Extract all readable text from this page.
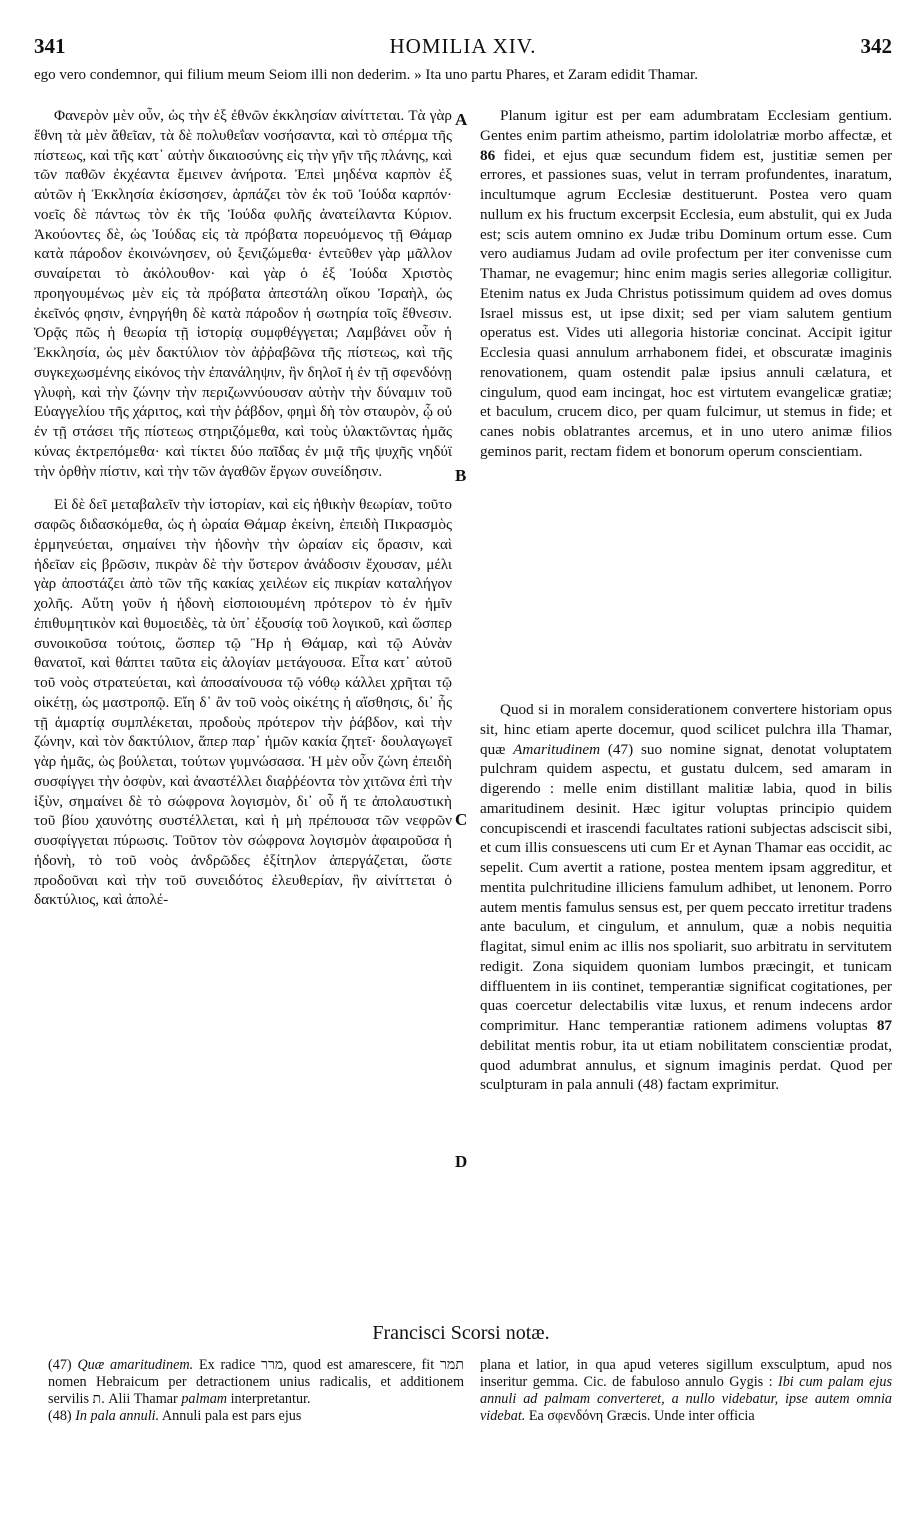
341	HOMILIA XIV.	342
ego vero condemnor, qui filium meum Seiom illi non dederim. » Ita uno partu Phares, et Zaram edidit Thamar.

Φανερὸν μὲν οὖν, ὡς τὴν ἐξ ἐθνῶν ἐκκλησίαν αἰνίττεται. Τὰ γὰρ ἔθνη τὰ μὲν ἄθεῖαν, τὰ δὲ πολυθεΐαν νοσήσαντα, καὶ τὸ σπέρμα τῆς πίστεως, καὶ τῆς κατ᾽ αὐτὴν δικαιοσύνης εἰς τὴν γῆν τῆς πλάνης, καὶ τῶν παθῶν ἐκχέαντα ἔμεινεν ἀνήροτα. Ἐπεὶ μηδένα καρπὸν ἐξ αὐτῶν ἡ Ἐκκλησία ἐκίσσησεν, ἁρπάζει τὸν ἐκ τοῦ Ἰούδα καρπόν· νοεῖς δὲ πάντως τὸν ἐκ τῆς Ἰούδα φυλῆς ἀνατείλαντα Κύριον. Ἀκούοντες δὲ, ὡς Ἰούδας εἰς τὰ πρόβατα πορευόμενος τῇ Θάμαρ κατὰ πάροδον ἐκοινώνησεν, οὐ ξενιζώμεθα· ἐντεῦθεν γὰρ μᾶλλον συναίρεται τὸ ἀκόλουθον· καὶ γὰρ ὁ ἐξ Ἰούδα Χριστὸς προηγουμένως μὲν εἰς τὰ πρόβατα ἀπεστάλη οἴκου Ἰσραὴλ, ὡς ἐκεῖνός φησιν, ἐνηργήθη δὲ κατὰ πάροδον ἡ σωτηρία τοῖς ἔθνεσιν. Ὁρᾷς πῶς ἡ θεωρία τῇ ἱστορίᾳ συμφθέγγεται; Λαμβάνει οὖν ἡ Ἐκκλησία, ὡς μὲν δακτύλιον τὸν ἀῤῥαβῶνα τῆς πίστεως, καὶ τῆς συγκεχωσμένης εἰκόνος τὴν ἐπανάληψιν, ἣν δηλοῖ ἡ ἐν τῇ σφενδόνῃ γλυφὴ, καὶ τὴν ζώνην τὴν περιζωννύουσαν αὐτὴν τὴν δύναμιν τοῦ Εὐαγγελίου τῆς χάριτος, καὶ τὴν ῥάβδον, φημὶ δὴ τὸν σταυρὸν, ᾧ οὐ ἐν τῇ στάσει τῆς πίστεως στηριζόμεθα, καὶ τοὺς ὑλακτῶντας ἡμᾶς κύνας ἐκτρεπόμεθα· καὶ τίκτει δύο παῖδας ἐν μιᾷ τῆς ψυχῆς νηδύϊ τὴν ὀρθὴν πίστιν, καὶ τὴν τῶν ἀγαθῶν ἔργων συνείδησιν.

Εἰ δὲ δεῖ μεταβαλεῖν τὴν ἱστορίαν, καὶ εἰς ἠθικὴν θεωρίαν, τοῦτο σαφῶς διδασκόμεθα, ὡς ἡ ὡραία Θάμαρ ἐκείνη, ἐπειδὴ Πικρασμὸς ἑρμηνεύεται, σημαίνει τὴν ἡδονὴν τὴν ὡραίαν εἰς ὅρασιν, καὶ ἡδεῖαν εἰς βρῶσιν, πικρὰν δὲ τὴν ὕστερον ἀνάδοσιν ἔχουσαν, μέλι γὰρ ἀποστάζει ἀπὸ τῶν τῆς κακίας χειλέων εἰς πικρίαν καταλήγον χολῆς. Αὕτη γοῦν ἡ ἡδονὴ εἰσποιουμένη πρότερον τὸ ἐν ἡμῖν ἐπιθυμητικὸν καὶ θυμοειδὲς, τὰ ὑπ᾽ ἐξουσίᾳ τοῦ λογικοῦ, καὶ ὥσπερ συνοικοῦσα τούτοις, ὥσπερ τῷ Ἢρ ἡ Θάμαρ, καὶ τῷ Αὐνὰν θανατοῖ, καὶ θάπτει ταῦτα εἰς ἀλογίαν μετάγουσα. Εἶτα κατ᾽ αὐτοῦ τοῦ νοὸς στρατεύεται, καὶ ἀποσαίνουσα τῷ νόθῳ κάλλει χρῆται τῷ οἰκέτῃ, ὡς μαστροπῷ. Εἴη δ᾽ ἂν τοῦ νοὸς οἰκέτης ἡ αἴσθησις, δι᾽ ἧς τῇ ἁμαρτίᾳ συμπλέκεται, προδοὺς πρότερον τὴν ῥάβδον, καὶ τὴν ζώνην, καὶ τὸν δακτύλιον, ἅπερ παρ᾽ ἡμῶν κακία ζητεῖ· δουλαγωγεῖ γὰρ ἡμᾶς, ὡς βούλεται, τούτων γυμνώσασα. Ἡ μὲν οὖν ζώνη ἐπειδὴ συσφίγγει τὴν ὀσφὺν, καὶ ἀναστέλλει διαῤῥέοντα τὸν χιτῶνα ἐπὶ τὴν ἰξὺν, σημαίνει δὲ τὸ σώφρονα λογισμὸν, δι᾽ οὗ ἥ τε ἀπολαυστικὴ τοῦ βίου χαυνότης συστέλλεται, καὶ ἡ μὴ πρέπουσα τῶν νεφρῶν συσφίγγεται πύρωσις. Τοῦτον τὸν σώφρονα λογισμὸν ἀφαιροῦσα ἡ ἡδονὴ, τὸ τοῦ νοὸς ἀνδρῶδες ἐξίτηλον ἀπεργάζεται, ὥστε προδοῦναι καὶ τὴν τοῦ συνειδότος ἐλευθερίαν, ἣν αἰνίττεται ὁ δακτύλιος, καὶ ἀπολέ-

A
B
C
D

Planum igitur est per eam adumbratam Ecclesiam gentium. Gentes enim partim atheismo, partim idololatriæ morbo affectæ, et 86 fidei, et ejus quæ secundum fidem est, justitiæ semen per errores, et passiones suas, velut in terram profundentes, inaratum, incultumque agrum Ecclesiæ destituerunt. Postea vero quam nullum ex his fructum excerpsit Ecclesia, eum abstulit, qui ex Juda est; scis autem omnino ex Judæ tribu Dominum ortum esse. Cum vero audiamus Judam ad ovile profectum per iter convenisse cum Thamar, ne evagemur; hinc enim magis series allegoriæ colligitur. Etenim natus ex Juda Christus potissimum quidem ad oves domus Israel missus est, ut ipse dixit; sed per viam salutem gentium operatus est. Vides uti allegoria historiæ concinat. Accipit igitur Ecclesia quasi annulum arrhabonem fidei, et obscuratæ imaginis renovationem, quam ostendit palæ ipsius annuli cælatura, et cingulum, quod eam incingat, hoc est virtutem evangelicæ gratiæ; et baculum, crucem dico, per quam fulcimur, ut stemus in fide; et canes nobis oblatrantes arcemus, et in uno utero animæ filios geminos parit, rectam fidem et bonorum operum conscientiam.

Quod si in moralem considerationem convertere historiam opus sit, hinc etiam aperte docemur, quod scilicet pulchra illa Thamar, quæ Amaritudinem (47) suo nomine signat, denotat voluptatem pulchram quidem aspectu, et gustatu dulcem, sed amaram in digerendo : melle enim distillant malitiæ labia, quod in bilis amaritudinem desinit. Hæc igitur voluptas principio quidem concupiscendi et irascendi facultates rationi subjectas adsciscit sibi, et cum illis consuescens uti cum Er et Aynan Thamar eas occidit, ac sepelit. Cum avertit a ratione, postea mentem ipsam aggreditur, et mentita pulchritudine illiciens famulum adhibet, ut lenonem. Porro autem mentis famulus sensus est, per quem peccato irretitur tradens ante baculum, et cingulum, et annulum, quæ a nobis nequitia flagitat, simul enim ac illis nos spoliarit, suo arbitratu in servitutem redigit. Zona siquidem quoniam lumbos præcingit, et tunicam diffluentem in iis continet, temperantiæ significat cogitationes, per quas coercetur delectabilis vitæ luxus, et renum indecens ardor comprimitur. Hanc temperantiæ rationem adimens voluptas 87 debilitat mentis robur, ita ut etiam nobilitatem conscientiæ prodat, quod adumbrat annulus, et signum imaginis perdat. Quod per sculpturam in pala annuli (48) factam exprimitur.

Francisci Scorsi notæ.

(47) Quæ amaritudinem. Ex radice מרר, quod est amarescere, fit תמר nomen Hebraicum per detractionem unius radicalis, et additionem servilis ת. Alii Thamar palmam interpretantur.

(48) In pala annuli. Annuli pala est pars ejus

plana et latior, in qua apud veteres sigillum exsculptum, apud nos inseritur gemma. Cic. de fabuloso annulo Gygis : Ibi cum palam ejus annuli ad palmam converteret, a nullo videbatur, ipse autem omnia videbat. Ea σφενδόνη Græcis. Unde inter officia
